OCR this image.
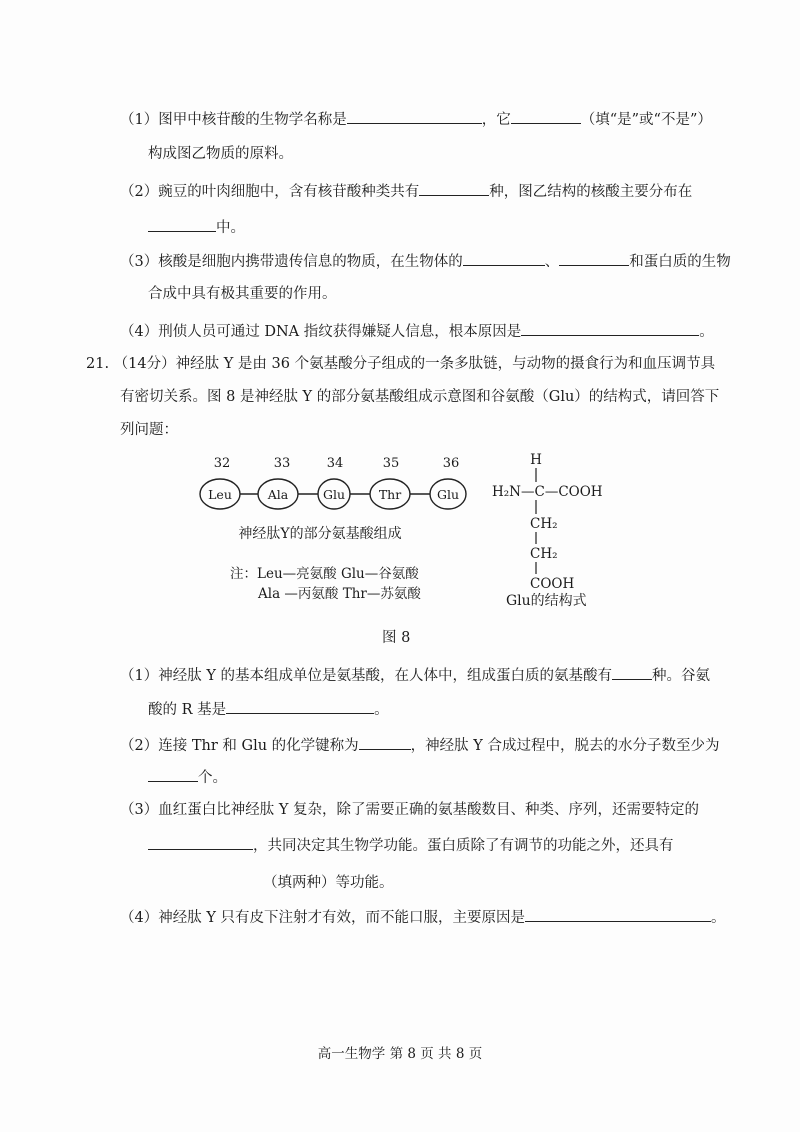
（1）图甲中核苷酸的生物学名称是	，它	（填“是”或“不是”）
构成图乙物质的原料。
（2）豌豆的叶肉细胞中，含有核苷酸种类共有	种，图乙结构的核酸主要分布在
中。
（3）核酸是细胞内携带遗传信息的物质，在生物体的	、	和蛋白质的生物
合成中具有极其重要的作用。
（4）刑侦人员可通过 DNA 指纹获得嫌疑人信息，根本原因是	。
21. （14分）神经肽 Y 是由 36 个氨基酸分子组成的一条多肽链，与动物的摄食行为和血压调节具
有密切关系。图 8 是神经肽 Y 的部分氨基酸组成示意图和谷氨酸（Glu）的结构式，请回答下
列问题：
32
Leu
33
Ala
34
Glu
35
Thr
36
Glu
神经肽Y的部分氨基酸组成
注：Leu—亮氨酸 Glu—谷氨酸
Ala —丙氨酸 Thr—苏氨酸
H
H₂N—C—COOH
CH₂
CH₂
COOH
Glu的结构式
图 8
（1）神经肽 Y 的基本组成单位是氨基酸，在人体中，组成蛋白质的氨基酸有	种。谷氨
酸的 R 基是	。
（2）连接 Thr 和 Glu 的化学键称为	，神经肽 Y 合成过程中，脱去的水分子数至少为
个。
（3）血红蛋白比神经肽 Y 复杂，除了需要正确的氨基酸数目、种类、序列，还需要特定的
，共同决定其生物学功能。蛋白质除了有调节的功能之外，还具有
（填两种）等功能。
（4）神经肽 Y 只有皮下注射才有效，而不能口服，主要原因是	。
高一生物学 第 8 页 共 8 页
